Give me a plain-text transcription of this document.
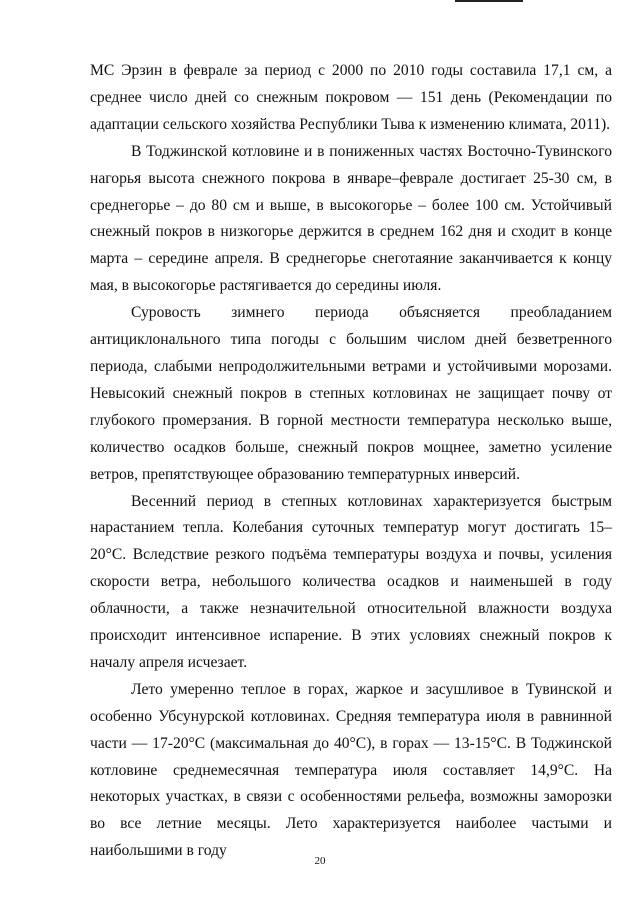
МС Эрзин в феврале за период с 2000 по 2010 годы составила 17,1 см, а среднее число дней со снежным покровом — 151 день (Рекомендации по адаптации сельского хозяйства Республики Тыва к изменению климата, 2011).

В Тоджинской котловине и в пониженных частях Восточно-Тувинского нагорья высота снежного покрова в январе–феврале достигает 25-30 см, в среднегорье – до 80 см и выше, в высокогорье – более 100 см. Устойчивый снежный покров в низкогорье держится в среднем 162 дня и сходит в конце марта – середине апреля. В среднегорье снеготаяние заканчивается к концу мая, в высокогорье растягивается до середины июля.

Суровость зимнего периода объясняется преобладанием антициклонального типа погоды с большим числом дней безветренного периода, слабыми непродолжительными ветрами и устойчивыми морозами. Невысокий снежный покров в степных котловинах не защищает почву от глубокого промерзания. В горной местности температура несколько выше, количество осадков больше, снежный покров мощнее, заметно усиление ветров, препятствующее образованию температурных инверсий.

Весенний период в степных котловинах характеризуется быстрым нарастанием тепла. Колебания суточных температур могут достигать 15–20°С. Вследствие резкого подъёма температуры воздуха и почвы, усиления скорости ветра, небольшого количества осадков и наименьшей в году облачности, а также незначительной относительной влажности воздуха происходит интенсивное испарение. В этих условиях снежный покров к началу апреля исчезает.

Лето умеренно теплое в горах, жаркое и засушливое в Тувинской и особенно Убсунурской котловинах. Средняя температура июля в равнинной части — 17-20°С (максимальная до 40°С), в горах — 13-15°С. В Тоджинской котловине среднемесячная температура июля составляет 14,9°С. На некоторых участках, в связи с особенностями рельефа, возможны заморозки во все летние месяцы. Лето характеризуется наиболее частыми и наибольшими в году

20
